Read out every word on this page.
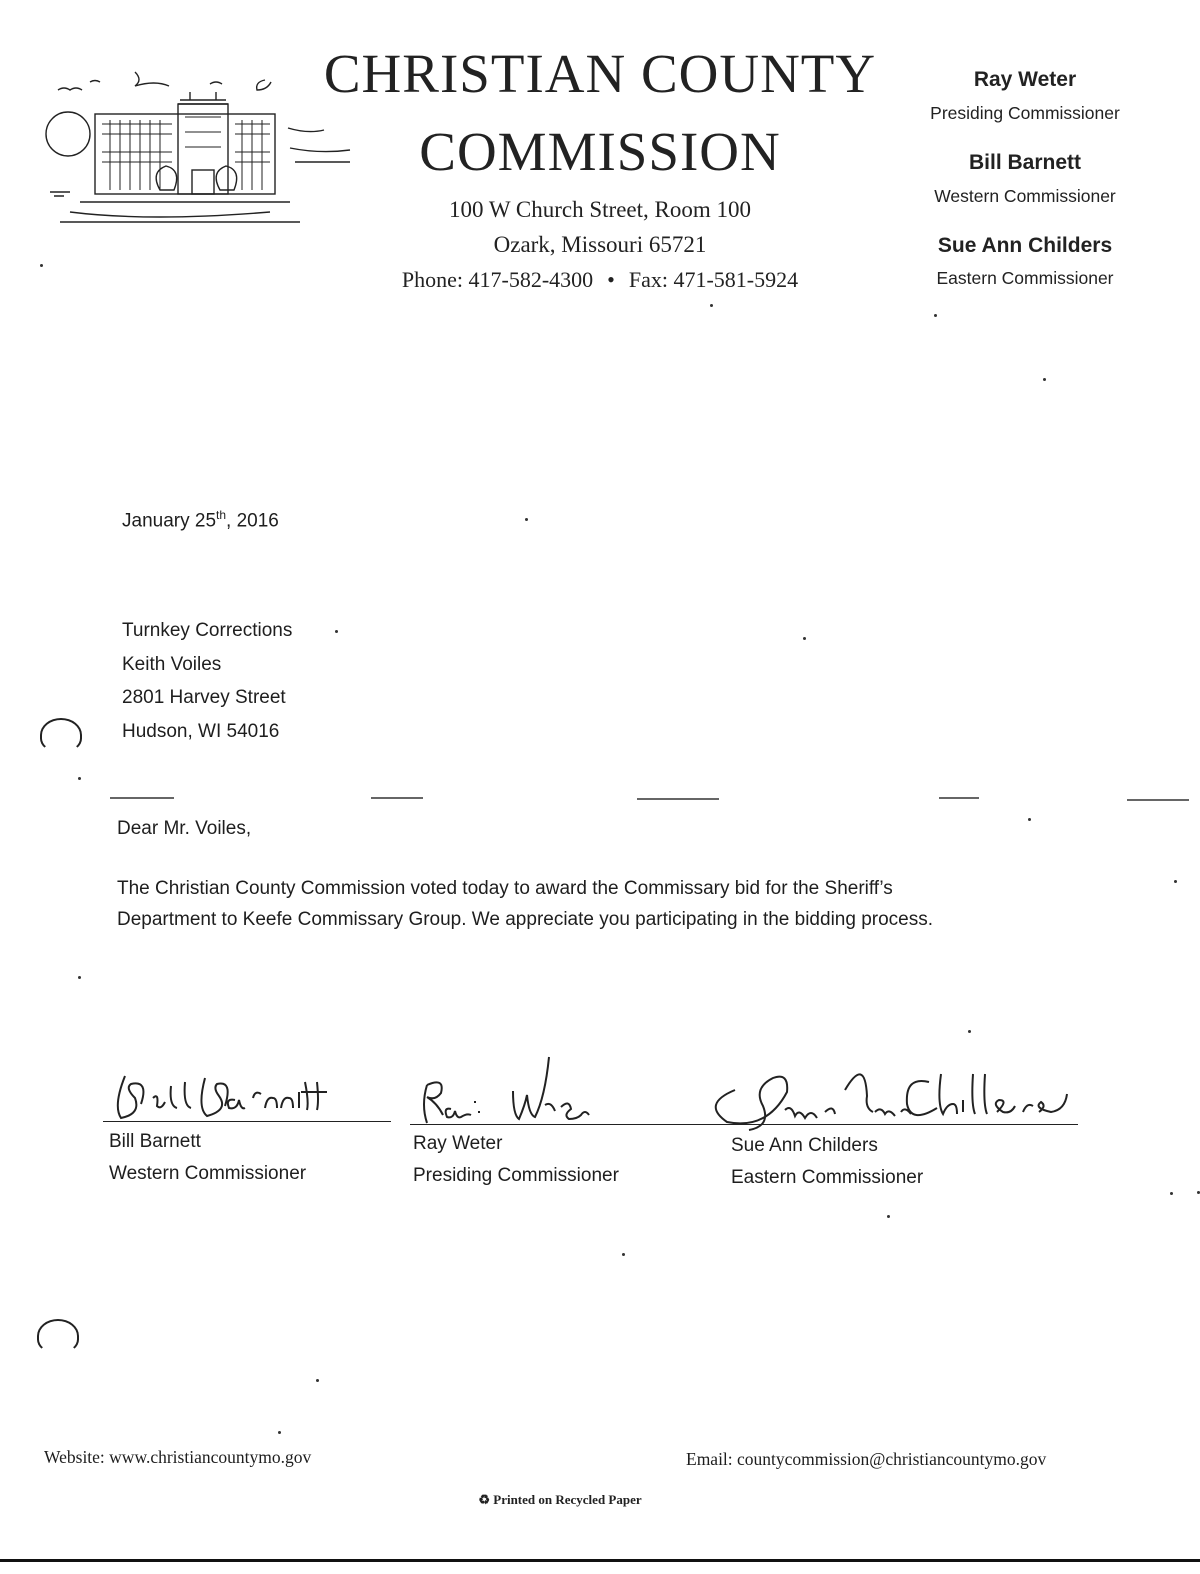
CHRISTIAN COUNTY
COMMISSION
100 W Church Street, Room 100
Ozark, Missouri 65721
Phone: 417-582-4300 • Fax: 471-581-5924
Ray Weter
Presiding Commissioner
Bill Barnett
Western Commissioner
Sue Ann Childers
Eastern Commissioner
January 25th, 2016
Turnkey Corrections
Keith Voiles
2801 Harvey Street
Hudson, WI 54016
Dear Mr. Voiles,
The Christian County Commission voted today to award the Commissary bid for the Sheriff’s Department to Keefe Commissary Group. We appreciate you participating in the bidding process.
Bill Barnett
Western Commissioner
Ray Weter
Presiding Commissioner
Sue Ann Childers
Eastern Commissioner
Website: www.christiancountymo.gov	Email: countycommission@christiancountymo.gov
♻ Printed on Recycled Paper
